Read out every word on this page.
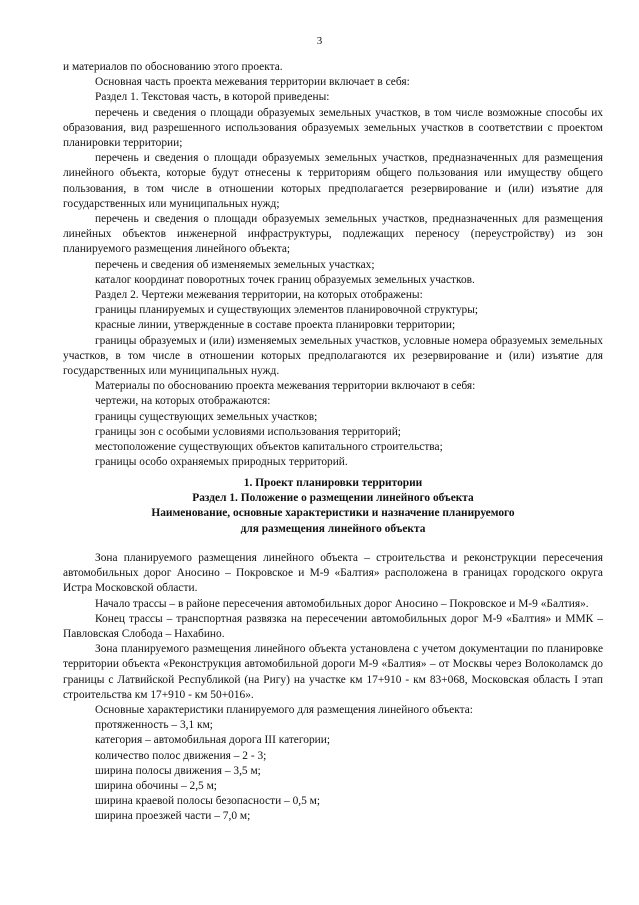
3

и материалов по обоснованию этого проекта.

Основная часть проекта межевания территории включает в себя:

Раздел 1. Текстовая часть, в которой приведены:

перечень и сведения о площади образуемых земельных участков, в том числе возможные способы их образования, вид разрешенного использования образуемых земельных участков в соответствии с проектом планировки территории;

перечень и сведения о площади образуемых земельных участков, предназначенных для размещения линейного объекта, которые будут отнесены к территориям общего пользования или имуществу общего пользования, в том числе в отношении которых предполагается резервирование и (или) изъятие для государственных или муниципальных нужд;

перечень и сведения о площади образуемых земельных участков, предназначенных для размещения линейных объектов инженерной инфраструктуры, подлежащих переносу (переустройству) из зон планируемого размещения линейного объекта;

перечень и сведения об изменяемых земельных участках;

каталог координат поворотных точек границ образуемых земельных участков.

Раздел 2. Чертежи межевания территории, на которых отображены:

границы планируемых и существующих элементов планировочной структуры;

красные линии, утвержденные в составе проекта планировки территории;

границы образуемых и (или) изменяемых земельных участков, условные номера образуемых земельных участков, в том числе в отношении которых предполагаются их резервирование и (или) изъятие для государственных или муниципальных нужд.

Материалы по обоснованию проекта межевания территории включают в себя:

чертежи, на которых отображаются:

границы существующих земельных участков;

границы зон с особыми условиями использования территорий;

местоположение существующих объектов капитального строительства;

границы особо охраняемых природных территорий.

1. Проект планировки территории

Раздел 1. Положение о размещении линейного объекта

Наименование, основные характеристики и назначение планируемого

для размещения линейного объекта

Зона планируемого размещения линейного объекта – строительства и реконструкции пересечения автомобильных дорог Аносино – Покровское и М-9 «Балтия» расположена в границах городского округа Истра Московской области.

Начало трассы – в районе пересечения автомобильных дорог Аносино – Покровское и М-9 «Балтия».

Конец трассы – транспортная развязка на пересечении автомобильных дорог М-9 «Балтия» и ММК – Павловская Слобода – Нахабино.

Зона планируемого размещения линейного объекта установлена с учетом документации по планировке территории объекта «Реконструкция автомобильной дороги М-9 «Балтия» – от Москвы через Волоколамск до границы с Латвийской Республикой (на Ригу) на участке км 17+910 - км 83+068, Московская область I этап строительства км 17+910 - км 50+016».

Основные характеристики планируемого для размещения линейного объекта:

протяженность – 3,1 км;

категория – автомобильная дорога III категории;

количество полос движения – 2 - 3;

ширина полосы движения – 3,5 м;

ширина обочины – 2,5 м;

ширина краевой полосы безопасности – 0,5 м;

ширина проезжей части – 7,0 м;
